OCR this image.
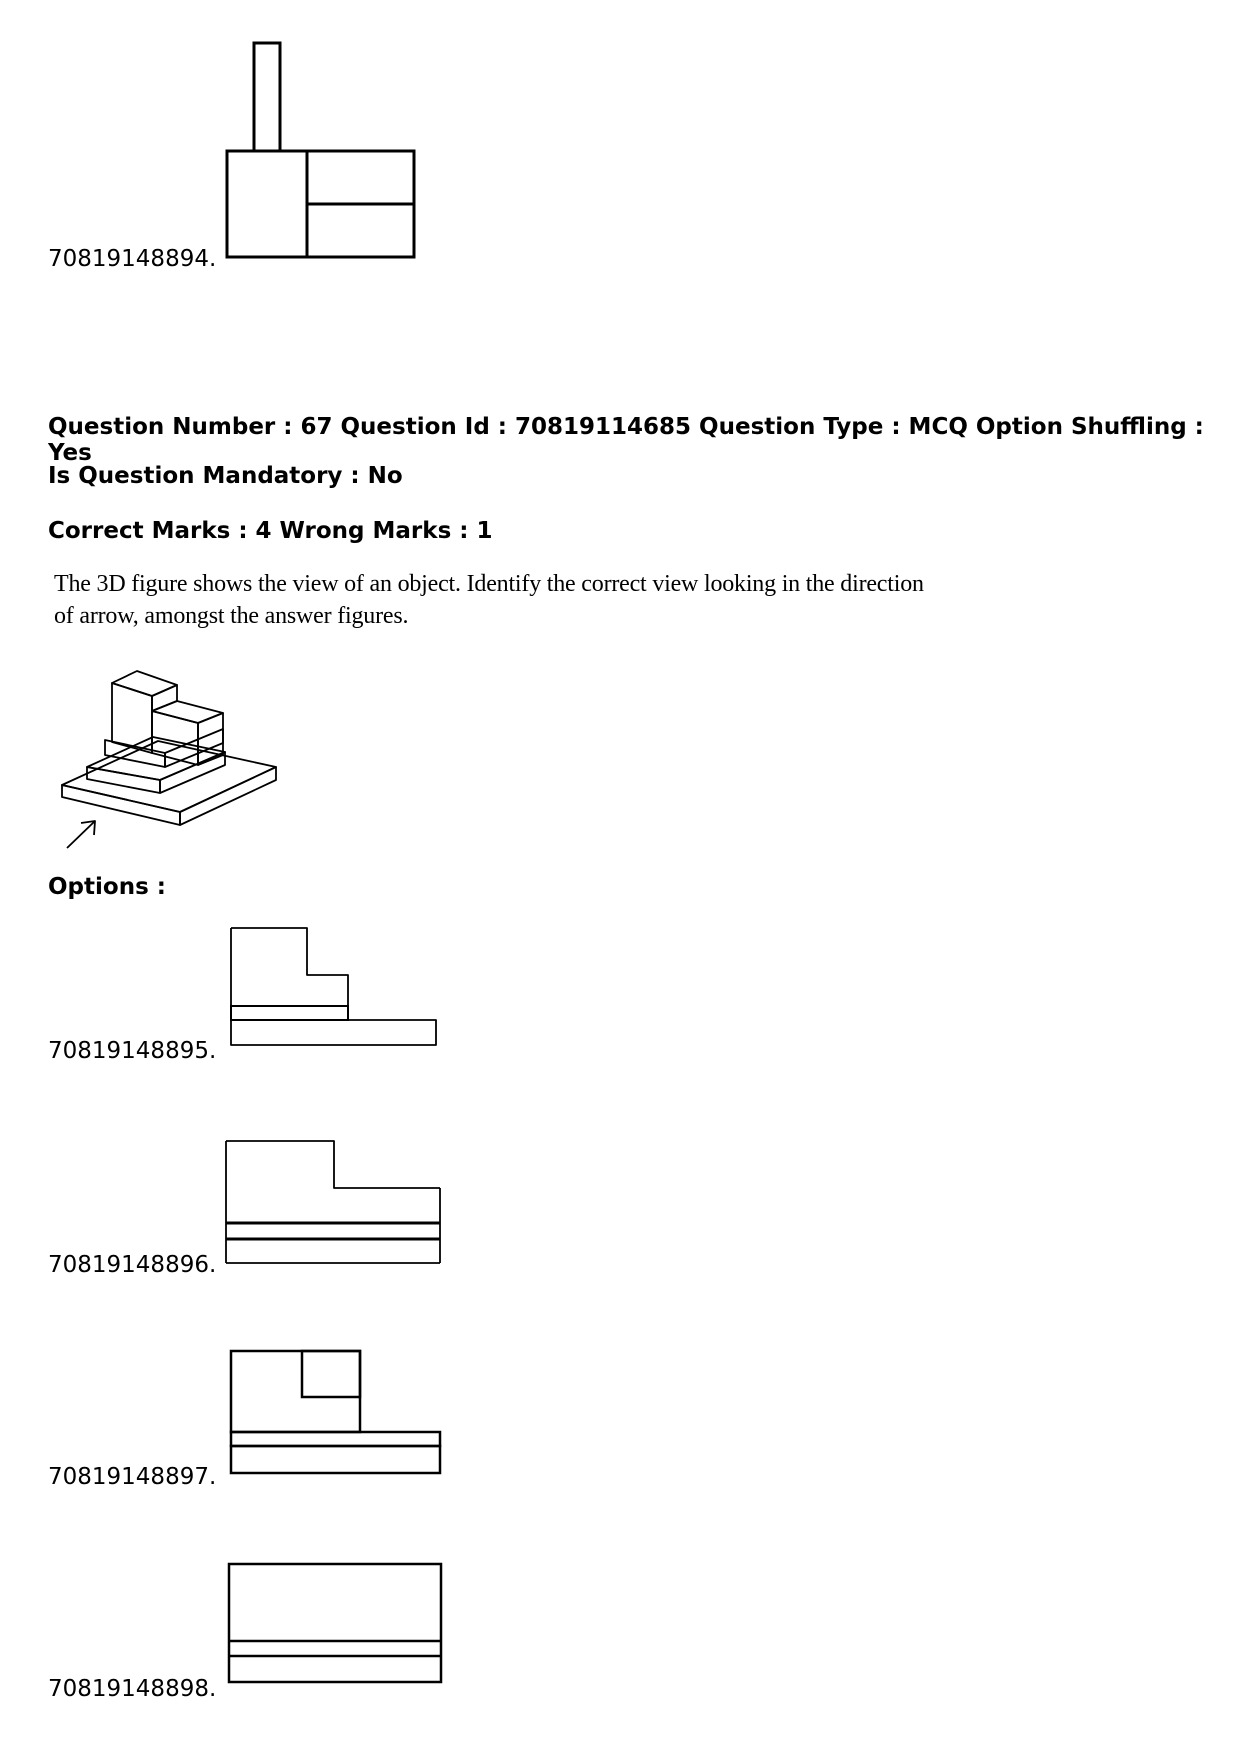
70819148894.
Question Number : 67 Question Id : 70819114685 Question Type : MCQ Option Shuffling : Yes
Is Question Mandatory : No
Correct Marks : 4 Wrong Marks : 1
The 3D figure shows the view of an object. Identify the correct view looking in the direction
of arrow, amongst the answer figures.
Options :
70819148895.
70819148896.
70819148897.
70819148898.
